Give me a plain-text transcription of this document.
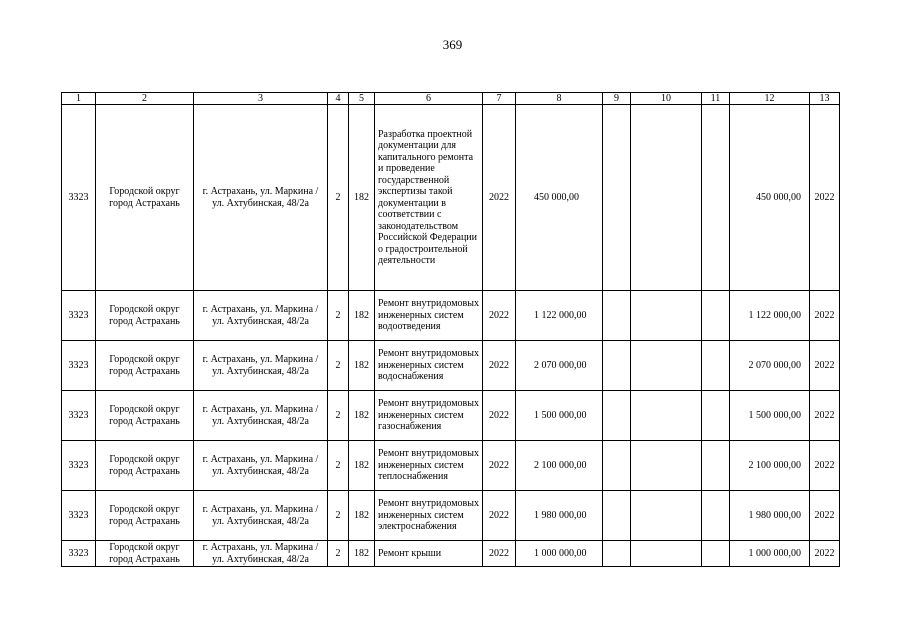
369
1	2	3	4	5	6	7	8	9	10	11	12	13
3323	Городской округ город Астрахань	г. Астрахань, ул. Маркина / ул. Ахтубинская, 48/2а	2	182	Разработка проектной документации для капитального ремонта и проведение государственной экспертизы такой документации в соответствии с законодательством Российской Федерации о градостроительной деятельности	2022	450 000,00				450 000,00	2022
3323	Городской округ город Астрахань	г. Астрахань, ул. Маркина / ул. Ахтубинская, 48/2а	2	182	Ремонт внутридомовых инженерных систем водоотведения	2022	1 122 000,00				1 122 000,00	2022
3323	Городской округ город Астрахань	г. Астрахань, ул. Маркина / ул. Ахтубинская, 48/2а	2	182	Ремонт внутридомовых инженерных систем водоснабжения	2022	2 070 000,00				2 070 000,00	2022
3323	Городской округ город Астрахань	г. Астрахань, ул. Маркина / ул. Ахтубинская, 48/2а	2	182	Ремонт внутридомовых инженерных систем газоснабжения	2022	1 500 000,00				1 500 000,00	2022
3323	Городской округ город Астрахань	г. Астрахань, ул. Маркина / ул. Ахтубинская, 48/2а	2	182	Ремонт внутридомовых инженерных систем теплоснабжения	2022	2 100 000,00				2 100 000,00	2022
3323	Городской округ город Астрахань	г. Астрахань, ул. Маркина / ул. Ахтубинская, 48/2а	2	182	Ремонт внутридомовых инженерных систем электроснабжения	2022	1 980 000,00				1 980 000,00	2022
3323	Городской округ город Астрахань	г. Астрахань, ул. Маркина / ул. Ахтубинская, 48/2а	2	182	Ремонт крыши	2022	1 000 000,00				1 000 000,00	2022
